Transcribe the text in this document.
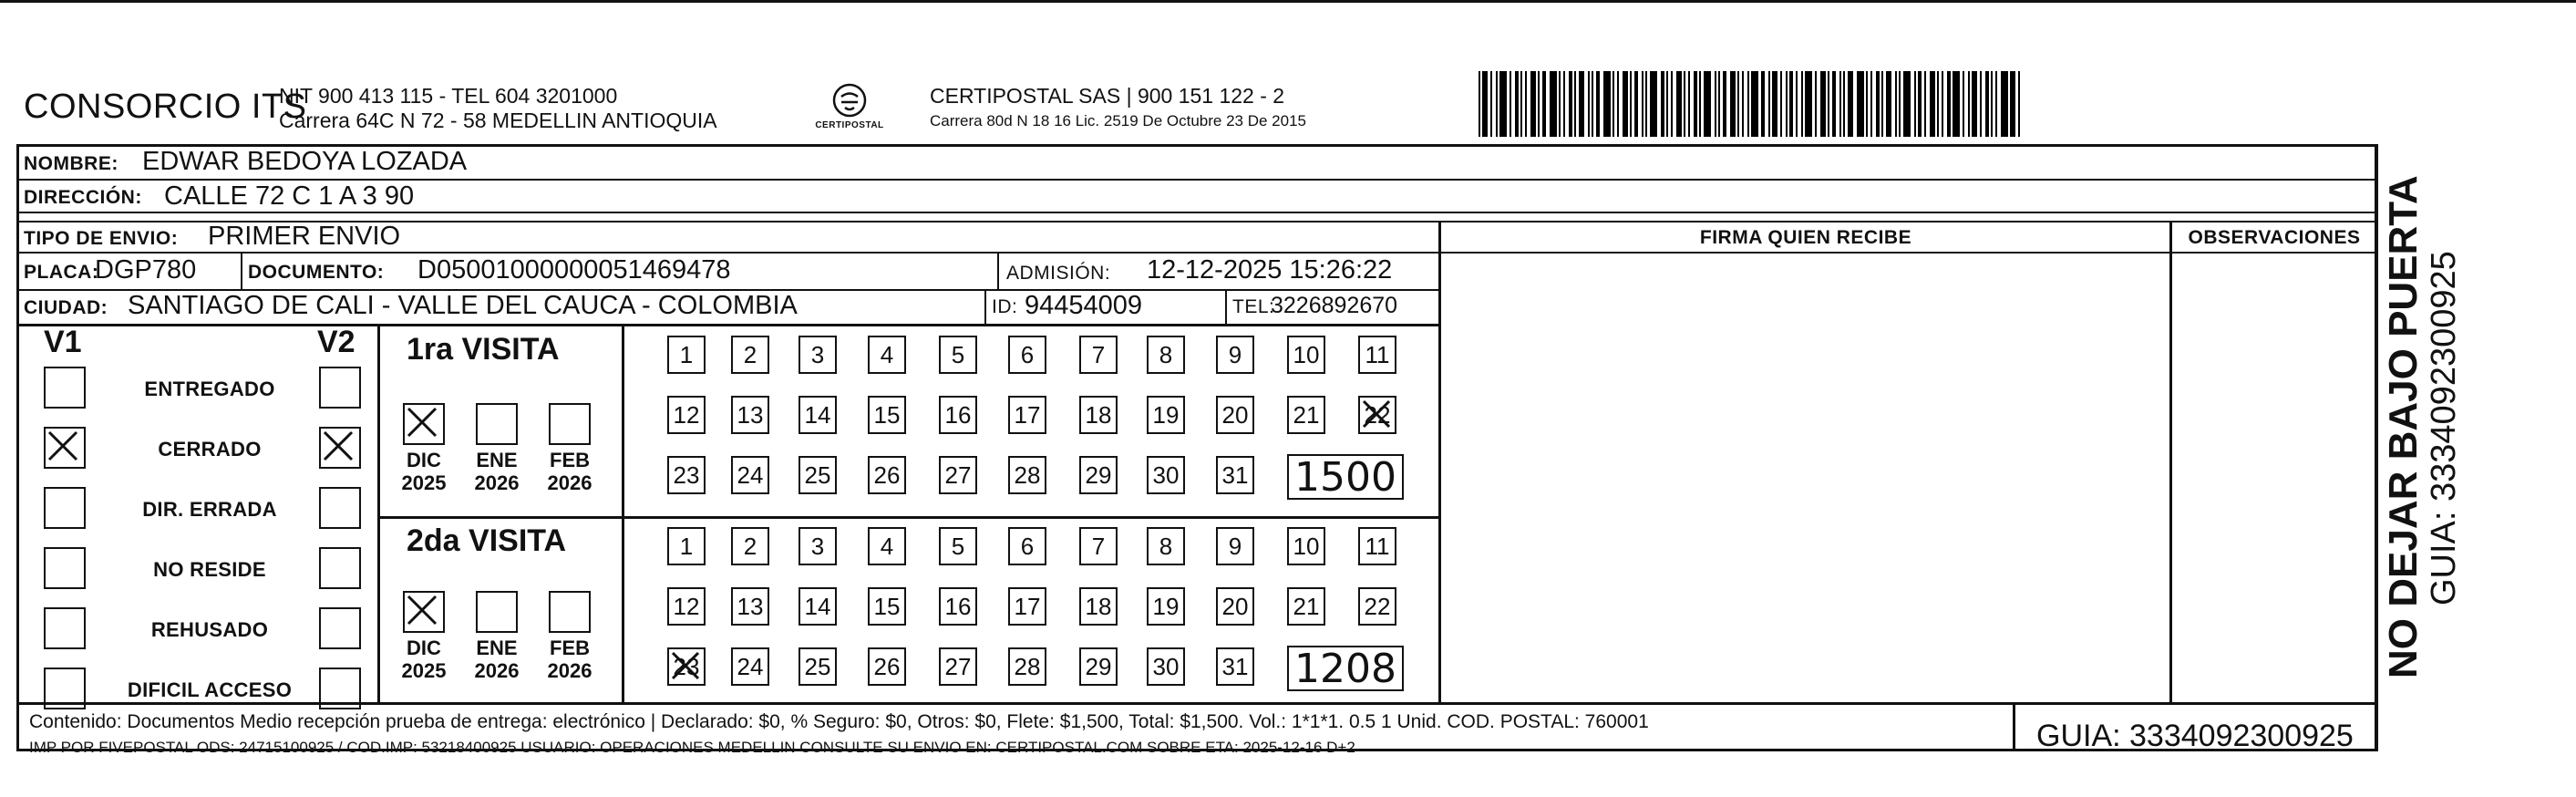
CONSORCIO ITS
NIT 900 413 115 - TEL 604 3201000
Carrera 64C N 72 - 58 MEDELLIN ANTIOQUIA	CERTIPOSTAL
CERTIPOSTAL SAS | 900 151 122 - 2
Carrera 80d N 18 16 Lic. 2519 De Octubre 23 De 2015
NOMBRE: EDWAR BEDOYA LOZADA
DIRECCIÓN: CALLE 72 C 1 A 3 90
TIPO DE ENVIO: PRIMER ENVIO	FIRMA QUIEN RECIBE	OBSERVACIONES
PLACA:
DGP780	DOCUMENTO: D05001000000051469478	ADMISIÓN: 12-12-2025 15:26:22
CIUDAD: SANTIAGO DE CALI - VALLE DEL CAUCA - COLOMBIA	ID: 94454009	TEL:
3226892670
V1	V2 1ra VISITA
2da VISITA
Contenido: Documentos Medio recepción prueba de entrega: electrónico | Declarado: $0, % Seguro: $0, Otros: $0, Flete: $1,500, Total: $1,500. Vol.: 1*1*1. 0.5 1 Unid. COD. POSTAL: 760001
IMP POR FIVEPOSTAL ODS: 24715100925 / COD.IMP: 53218400925 USUARIO: OPERACIONES MEDELLIN CONSULTE SU ENVIO EN: CERTIPOSTAL.COM SOBRE ETA: 2025-12-16 D+2	GUIA: 3334092300925
NO DEJAR BAJO PUERTA GUIA: 3334092300925
ENTREGADO
CERRADO
DIR. ERRADA
NO RESIDE
REHUSADO
DIFICIL ACCESO
DIC
2025
ENE
2026
FEB
2026
DIC
2025
ENE
2026
FEB
2026
1 2 3 4 5 6 7 8 9 10 11
12 13 14 15 16 17 18 19 20 21 22
23 24 25 26 27 28 29 30 31 1500
1 2 3 4 5 6 7 8 9 10 11
12 13 14 15 16 17 18 19 20 21 22
23 24 25 26 27 28 29 30 31 1208
